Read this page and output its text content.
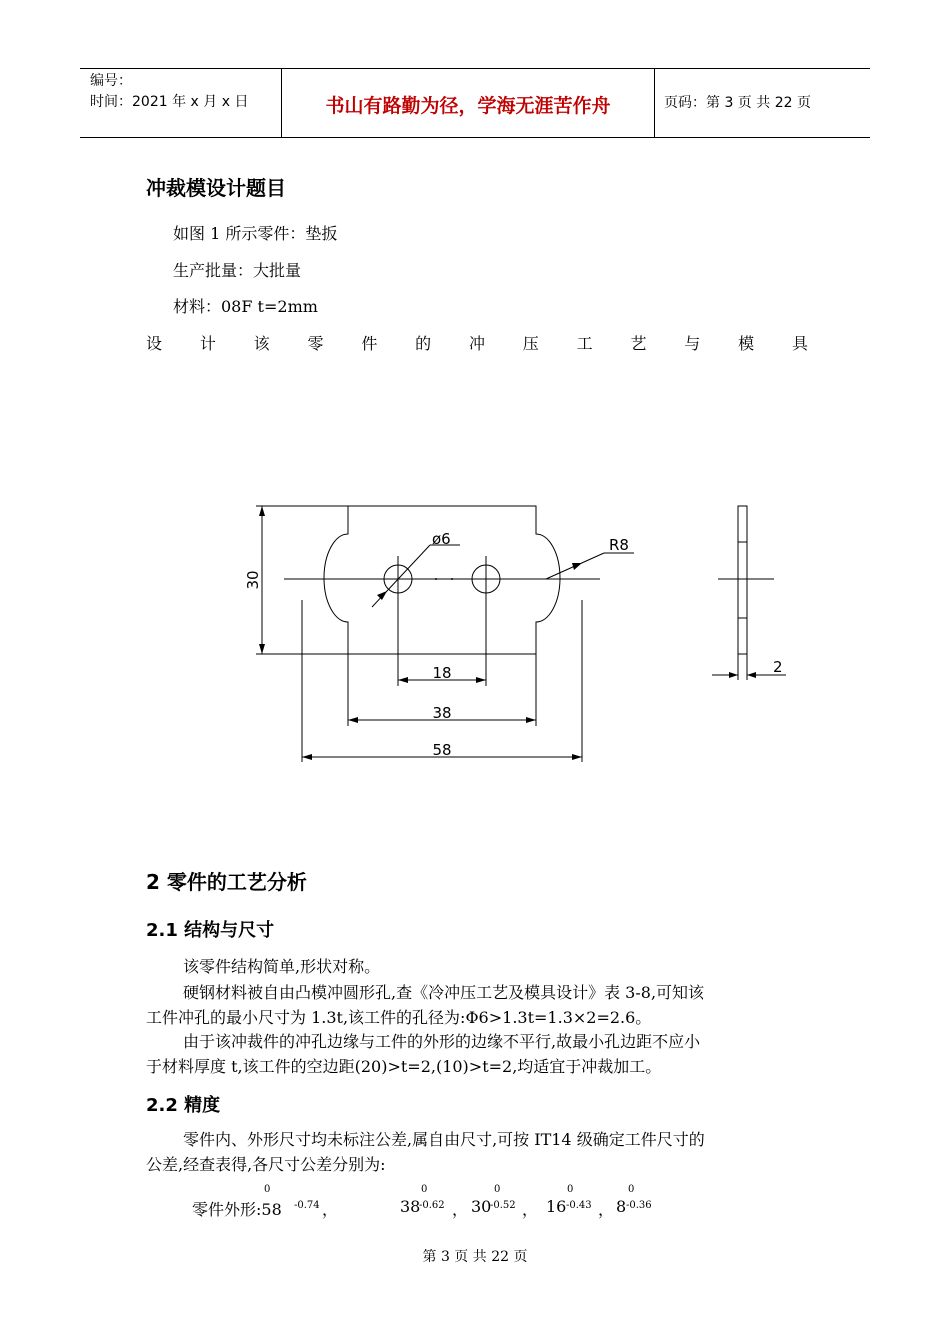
编号：
时间：2021 年 x 月 x 日	书山有路勤为径，学海无涯苦作舟	页码：第 3 页 共 22 页
冲裁模设计题目
如图 1 所示零件：垫扳
生产批量：大批量
材料：08F t=2mm
设 计 该 零 件 的 冲 压 工 艺 与 模 具
ø6	R8
30
18
38
58
2
2 零件的工艺分析
2.1 结构与尺寸
该零件结构简单,形状对称。
硬钢材料被自由凸模冲圆形孔,查《冷冲压工艺及模具设计》表 3-8,可知该
工件冲孔的最小尺寸为 1.3t,该工件的孔径为:Φ6>1.3t=1.3×2=2.6。
由于该冲裁件的冲孔边缘与工件的外形的边缘不平行,故最小孔边距不应小
于材料厚度 t,该工件的空边距(20)>t=2,(10)>t=2,均适宜于冲裁加工。
2.2 精度
零件内、外形尺寸均未标注公差,属自由尺寸,可按 IT14 级确定工件尺寸的
公差,经查表得,各尺寸公差分别为:
零件外形:58
0
-0.74 ，	38
0
-0.62 ， 30
0
-0.52 ， 16
0
-0.43 ， 8
0
-0.36
第 3 页 共 22 页
